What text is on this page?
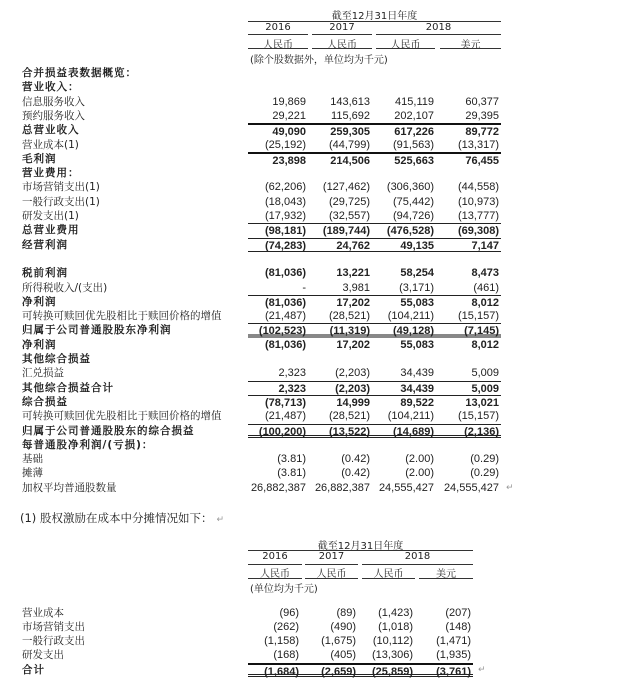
截至12月31日年度
2016	2017	2018
人民币	人民币	人民币	美元
(除个股数据外，单位均为千元)
合并损益表数据概览：
营业收入：
信息服务收入	19,869 143,613 415,119	60,377
预约服务收入	29,221 115,692 202,107	29,395
总营业收入	49,090 259,305 617,226	89,772
营业成本(1)	(25,192) (44,799) (91,563) (13,317)
毛利润	23,898 214,506 525,663	76,455
营业费用：
市场营销支出(1)	(62,206) (127,462) (306,360) (44,558)
一般行政支出(1)	(18,043) (29,725) (75,442) (10,973)
研发支出(1)	(17,932) (32,557) (94,726) (13,777)
总营业费用	(98,181) (189,744) (476,528) (69,308)
经营利润	(74,283)	24,762	49,135	7,147
税前利润	(81,036)	13,221	58,254	8,473
所得税收入/(支出)	-	3,981	(3,171)	(461)
净利润	(81,036)	17,202	55,083	8,012
可转换可赎回优先股相比于赎回价格的增值	(21,487) (28,521) (104,211) (15,157)
归属于公司普通股股东净利润	(102,523) (11,319) (49,128)	(7,145)
净利润	(81,036)	17,202	55,083	8,012
其他综合损益
汇兑损益	2,323	(2,203)	34,439	5,009
其他综合损益合计	2,323	(2,203)	34,439	5,009
综合损益	(78,713)	14,999	89,522	13,021
可转换可赎回优先股相比于赎回价格的增值	(21,487) (28,521) (104,211) (15,157)
归属于公司普通股股东的综合损益	(100,200) (13,522) (14,689)	(2,136)
每普通股净利润/(亏损)：
基础	(3.81)	(0.42)	(2.00)	(0.29)
摊薄	(3.81)	(0.42)	(2.00)	(0.29)
加权平均普通股数量	26,882,387 26,882,387 24,555,427 24,555,427 ↵
(1) 股权激励在成本中分摊情况如下： ↵
截至12月31日年度
2016	2017	2018
人民币	人民币	人民币	美元
(单位均为千元)
营业成本	(96)	(89) (1,423)	(207)
市场营销支出	(262)	(490) (1,018)	(148)
一般行政支出	(1,158) (1,675) (10,112) (1,471)
研发支出	(168)	(405) (13,306) (1,935)
合计	(1,684) (2,659) (25,859) (3,761) ↵
